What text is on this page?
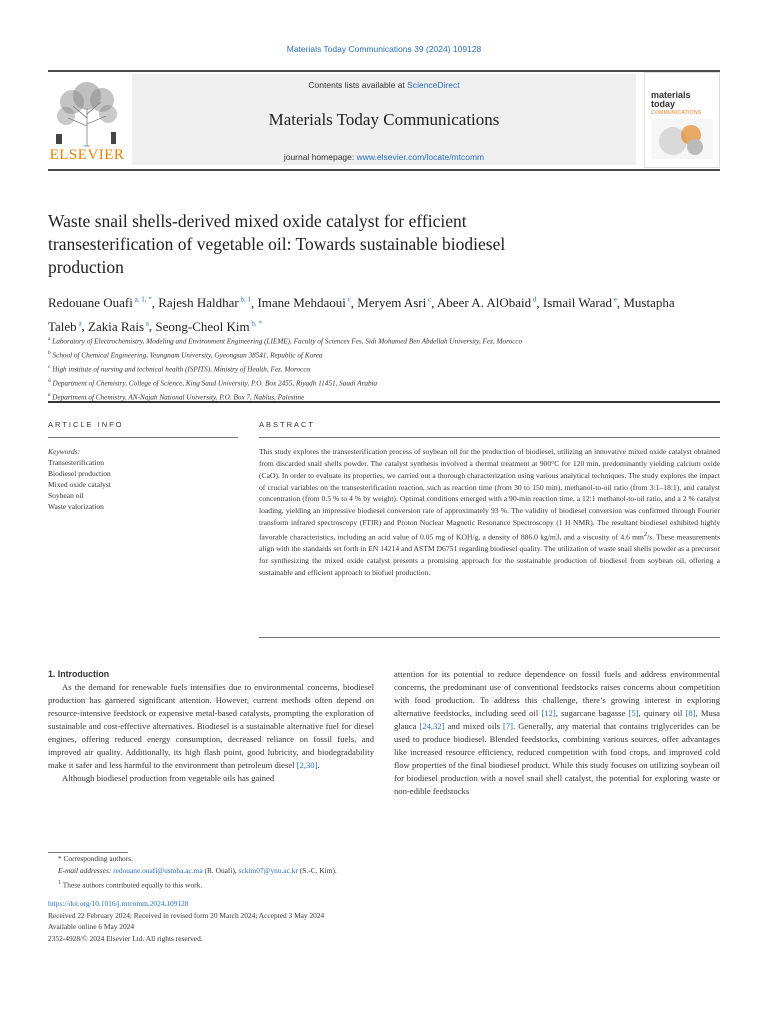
Materials Today Communications 39 (2024) 109128
ELSEVIER
Contents lists available at ScienceDirect
Materials Today Communications
journal homepage: www.elsevier.com/locate/mtcomm
materials
today
COMMUNICATIONS
Waste snail shells-derived mixed oxide catalyst for efficient transesterification of vegetable oil: Towards sustainable biodiesel production
Redouane Ouafi $^{a, 1, *}$, Rajesh Haldhar $^{b, 1}$, Imane Mehdaoui $^c$, Meryem Asri $^c$, Abeer A. AlObaid $^d$, Ismail Warad $^e$, Mustapha Taleb $^a$, Zakia Rais $^a$, Seong-Cheol Kim $^{b, *}$
$^a$ Laboratory of Electrochemistry, Modeling and Environment Engineering (LIEME), Faculty of Sciences Fes, Sidi Mohamed Ben Abdellah University, Fez, Morocco
$^b$ School of Chemical Engineering, Yeungnam University, Gyeongsan 38541, Republic of Korea
$^c$ High institute of nursing and technical health (ISPITS), Ministry of Health, Fez, Morocco
$^d$ Department of Chemistry, College of Science, King Saud University, P.O. Box 2455, Riyadh 11451, Saudi Arabia
$^e$ Department of Chemistry, AN-Najah National University, P.O. Box 7, Nablus, Palestine
ARTICLE INFO	ABSTRACT
Keywords:
Transesterification
Biodiesel production
Mixed oxide catalyst
Soybean oil
Waste valorization
This study explores the transesterification process of soybean oil for the production of biodiesel, utilizing an innovative mixed oxide catalyst obtained from discarded snail shells powder. The catalyst synthesis involved a thermal treatment at 900°C for 120 min, predominantly yielding calcium oxide (CaO). In order to evaluate its properties, we carried out a thorough characterization using various analytical techniques. The study explores the impact of crucial variables on the transesterification reaction, such as reaction time (from 30 to 150 min), methanol-to-oil ratio (from 3:1–18:1), and catalyst concentration (from 0.5 % to 4 % by weight). Optimal conditions emerged with a 90-min reaction time, a 12:1 methanol-to-oil ratio, and a 2 % catalyst loading, yielding an impressive biodiesel conversion rate of approximately 93 %. The validity of biodiesel conversion was confirmed through Fourier transform infrared spectroscopy (FTIR) and Proton Nuclear Magnetic Resonance Spectroscopy (1 H NMR). The resultant biodiesel exhibited highly favorable characteristics, including an acid value of 0.05 mg of KOH/g, a density of 886.0 kg/m3, and a viscosity of 4.6 $mm^2/s$. These measurements align with the standards set forth in EN 14214 and ASTM D6751 regarding biodiesel quality. The utilization of waste snail shells powder as a precursor for synthesizing the mixed oxide catalyst presents a promising approach for the sustainable production of biodiesel from soybean oil, offering a sustainable and efficient approach to biofuel production.

1. Introduction

As the demand for renewable fuels intensifies due to environmental concerns, biodiesel production has garnered significant attention. However, current methods often depend on resource-intensive feedstock or expensive metal-based catalysts, prompting the exploration of sustainable and cost-effective alternatives. Biodiesel is a sustainable alternative fuel for diesel engines, offering reduced energy consumption, decreased reliance on fossil fuels, and improved air quality. Additionally, its high flash point, good lubricity, and biodegradability make it safer and less harmful to the environment than petroleum diesel [2,30].

Although biodiesel production from vegetable oils has gained

attention for its potential to reduce dependence on fossil fuels and address environmental concerns, the predominant use of conventional feedstocks raises concerns about competition with food production. To address this challenge, there’s growing interest in exploring alternative feedstocks, including seed oil [12], sugarcane bagasse [5], quinary oil [8], Musa glauca [24,32] and mixed oils [7]. Generally, any material that contains triglycerides can be used to produce biodiesel. Blended feedstocks, combining various sources, offer advantages like increased resource efficiency, reduced competition with food crops, and improved cold flow properties of the final biodiesel product. While this study focuses on utilizing soybean oil for biodiesel production with a novel snail shell catalyst, the potential for exploring waste or non-edible feedstocks

* Corresponding authors.
E-mail addresses: redouane.ouafi@usmba.ac.ma (R. Ouafi), sckim07@ynu.ac.kr (S.-C. Kim).
$^1$ These authors contributed equally to this work.
https://doi.org/10.1016/j.mtcomm.2024.109128
Received 22 February 2024; Received in revised form 20 March 2024; Accepted 3 May 2024
Available online 6 May 2024
2352-4928/© 2024 Elsevier Ltd. All rights reserved.
